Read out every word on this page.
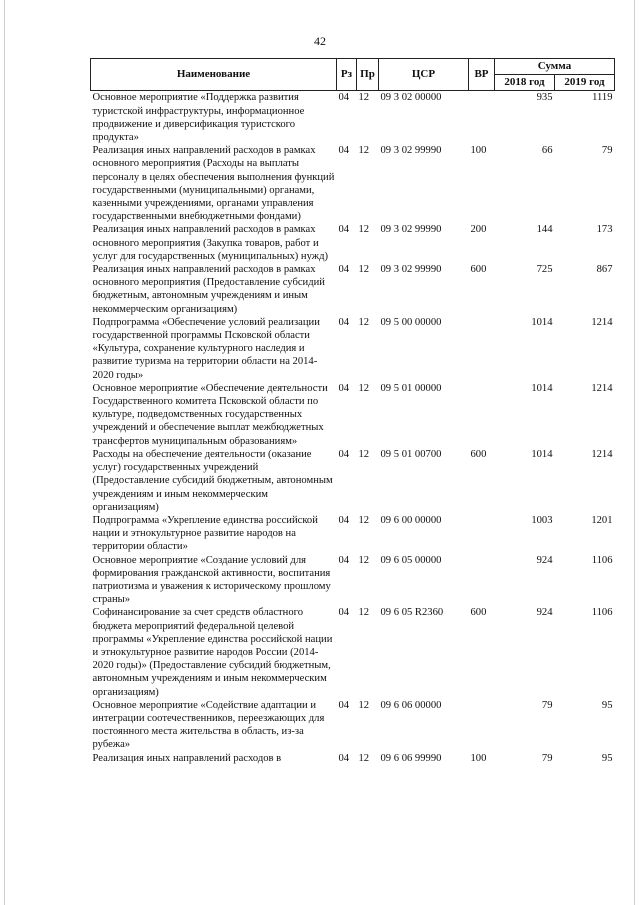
42
Наименование	Рз	Пр	ЦСР	ВР	Сумма	
					2018 год	2019 год
Основное мероприятие «Поддержка развития туристской инфраструктуры, информационное продвижение и диверсификация туристского продукта»	04	12	09 3 02 00000		935	1119
Реализация иных направлений расходов в рамках основного мероприятия (Расходы на выплаты персоналу в целях обеспечения выполнения функций государственными (муниципальными) органами, казенными учреждениями, органами управления государственными внебюджетными фондами)	04	12	09 3 02 99990	100	66	79
Реализация иных направлений расходов в рамках основного мероприятия (Закупка товаров, работ и услуг для государственных (муниципальных) нужд)	04	12	09 3 02 99990	200	144	173
Реализация иных направлений расходов в рамках основного мероприятия (Предоставление субсидий бюджетным, автономным учреждениям и иным некоммерческим организациям)	04	12	09 3 02 99990	600	725	867
Подпрограмма «Обеспечение условий реализации государственной программы Псковской области «Культура, сохранение культурного наследия и развитие туризма на территории области на 2014-2020 годы»	04	12	09 5 00 00000		1014	1214
Основное мероприятие «Обеспечение деятельности Государственного комитета Псковской области по культуре, подведомственных государственных учреждений и обеспечение выплат межбюджетных трансфертов муниципальным образованиям»	04	12	09 5 01 00000		1014	1214
Расходы на обеспечение деятельности (оказание услуг) государственных учреждений (Предоставление субсидий бюджетным, автономным учреждениям и иным некоммерческим организациям)	04	12	09 5 01 00700	600	1014	1214
Подпрограмма «Укрепление единства российской нации и этнокультурное развитие народов на территории области»	04	12	09 6 00 00000		1003	1201
Основное мероприятие «Создание условий для формирования гражданской активности, воспитания патриотизма и уважения к историческому прошлому страны»	04	12	09 6 05 00000		924	1106
Софинансирование за счет средств областного бюджета мероприятий федеральной целевой программы «Укрепление единства российской нации и этнокультурное развитие народов России (2014-2020 годы)» (Предоставление субсидий бюджетным, автономным учреждениям и иным некоммерческим организациям)	04	12	09 6 05 R2360	600	924	1106
Основное мероприятие «Содействие адаптации и интеграции соотечественников, переезжающих для постоянного места жительства в область, из-за рубежа»	04	12	09 6 06 00000		79	95
Реализация иных направлений расходов в	04	12	09 6 06 99990	100	79	95
